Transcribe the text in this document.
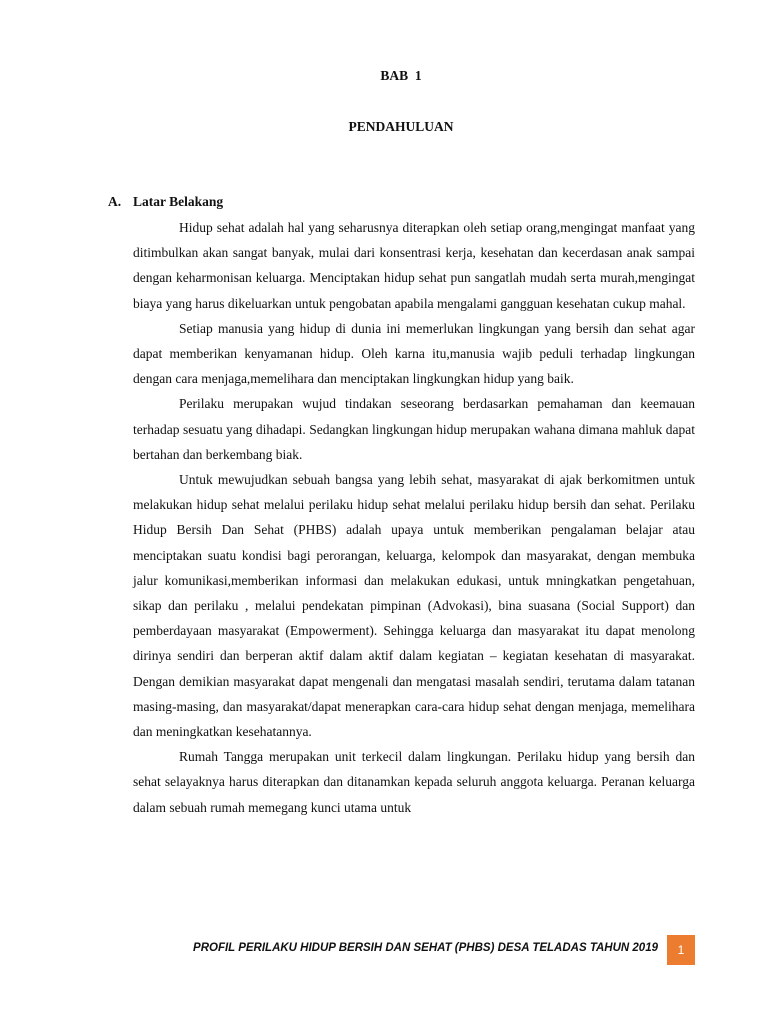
BAB  1
PENDAHULUAN
A. Latar Belakang

Hidup sehat adalah hal yang seharusnya diterapkan oleh setiap orang,mengingat manfaat yang ditimbulkan akan sangat banyak, mulai dari konsentrasi kerja, kesehatan dan kecerdasan anak sampai dengan keharmonisan keluarga. Menciptakan hidup sehat pun sangatlah mudah serta murah,mengingat biaya yang harus dikeluarkan untuk pengobatan apabila mengalami gangguan kesehatan cukup mahal.

Setiap manusia yang hidup di dunia ini memerlukan lingkungan yang bersih dan sehat agar dapat memberikan kenyamanan hidup. Oleh karna itu,manusia wajib peduli terhadap lingkungan dengan cara menjaga,memelihara dan menciptakan lingkungkan hidup yang baik.

Perilaku merupakan wujud tindakan seseorang berdasarkan pemahaman dan keemauan terhadap sesuatu yang dihadapi. Sedangkan lingkungan hidup merupakan wahana dimana mahluk dapat bertahan dan berkembang biak.

Untuk mewujudkan sebuah bangsa yang lebih sehat, masyarakat di ajak berkomitmen untuk melakukan hidup sehat melalui perilaku hidup sehat melalui perilaku hidup bersih dan sehat. Perilaku Hidup Bersih Dan Sehat (PHBS) adalah upaya untuk memberikan pengalaman belajar atau menciptakan suatu kondisi bagi perorangan, keluarga, kelompok dan masyarakat, dengan membuka jalur komunikasi,memberikan informasi dan melakukan edukasi, untuk mningkatkan pengetahuan, sikap dan perilaku , melalui pendekatan pimpinan (Advokasi), bina suasana (Social Support) dan pemberdayaan masyarakat (Empowerment). Sehingga keluarga dan masyarakat itu dapat menolong dirinya sendiri dan berperan aktif dalam aktif dalam kegiatan – kegiatan kesehatan di masyarakat. Dengan demikian masyarakat dapat mengenali dan mengatasi masalah sendiri, terutama dalam tatanan masing-masing, dan masyarakat/dapat menerapkan cara-cara hidup sehat dengan menjaga, memelihara dan meningkatkan kesehatannya.

Rumah Tangga merupakan unit terkecil dalam lingkungan. Perilaku hidup yang bersih dan sehat selayaknya harus diterapkan dan ditanamkan kepada seluruh anggota keluarga. Peranan keluarga dalam sebuah rumah memegang kunci utama untuk

PROFIL PERILAKU HIDUP BERSIH DAN SEHAT (PHBS) DESA TELADAS TAHUN 2019	1
